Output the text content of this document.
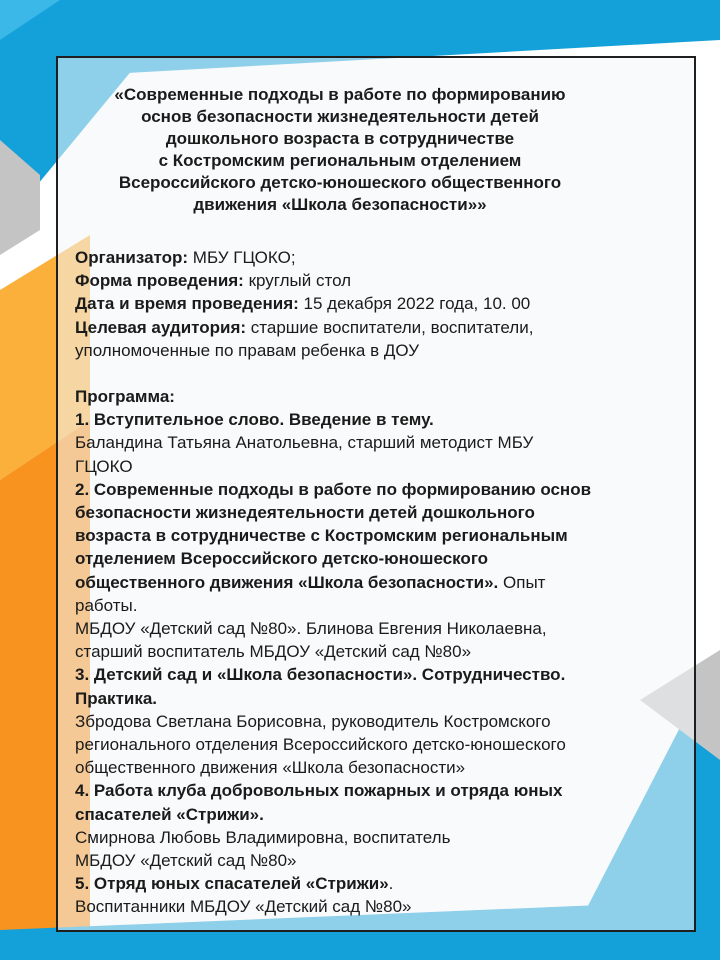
«Современные подходы в работе по формированию
основ безопасности жизнедеятельности детей
дошкольного возраста в сотрудничестве
с Костромским региональным отделением
Всероссийского детско-юношеского общественного
движения «Школа безопасности»»
Организатор: МБУ ГЦОКО;
Форма проведения: круглый стол
Дата и время проведения: 15 декабря 2022 года, 10. 00
Целевая аудитория: старшие воспитатели, воспитатели,
уполномоченные по правам ребенка в ДОУ
Программа:
1. Вступительное слово. Введение в тему.
Баландина Татьяна Анатольевна, старший методист МБУ
ГЦОКО
2. Современные подходы в работе по формированию основ
безопасности жизнедеятельности детей дошкольного
возраста в сотрудничестве с Костромским региональным
отделением Всероссийского детско-юношеского
общественного движения «Школа безопасности». Опыт
работы.
МБДОУ «Детский сад №80». Блинова Евгения Николаевна,
старший воспитатель МБДОУ «Детский сад №80»
3. Детский сад и «Школа безопасности». Сотрудничество.
Практика.
Збродова Светлана Борисовна, руководитель Костромского
регионального отделения Всероссийского детско-юношеского
общественного движения «Школа безопасности»
4. Работа клуба добровольных пожарных и отряда юных
спасателей «Стрижи».
Смирнова Любовь Владимировна, воспитатель
МБДОУ «Детский сад №80»
5. Отряд юных спасателей «Стрижи».
Воспитанники МБДОУ «Детский сад №80»
